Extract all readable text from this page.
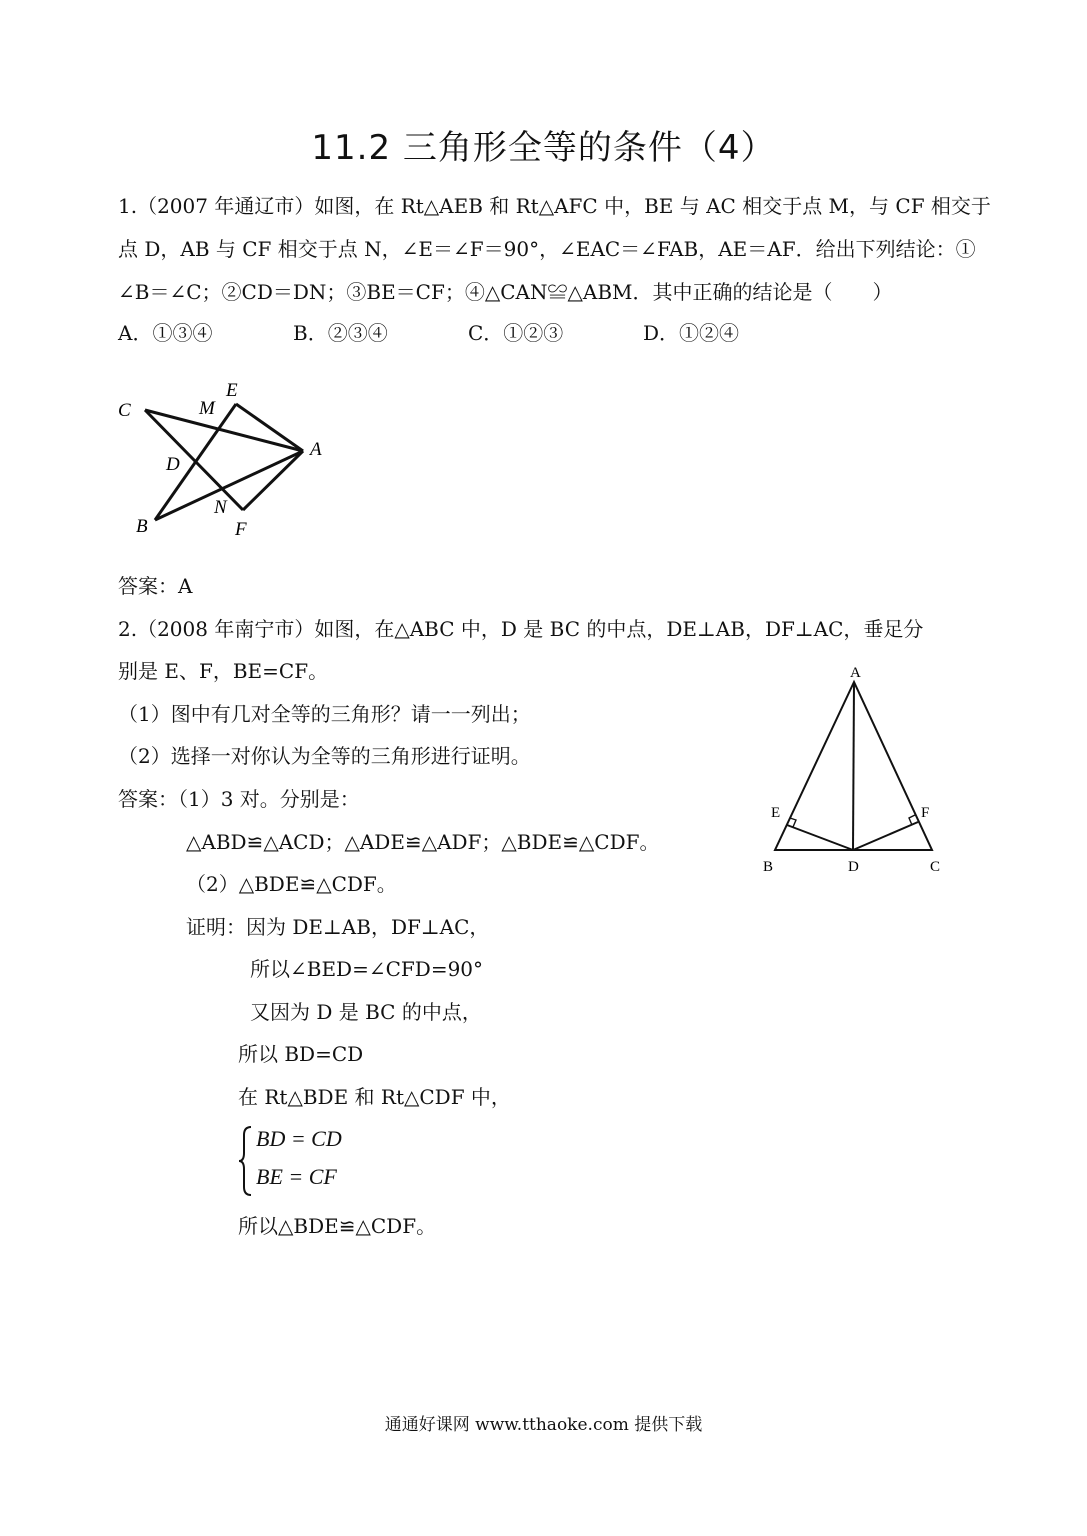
11.2 三角形全等的条件（4）
1.（2007 年通辽市）如图，在 Rt△AEB 和 Rt△AFC 中，BE 与 AC 相交于点 M，与 CF 相交于
点 D，AB 与 CF 相交于点 N，∠E＝∠F＝90°，∠EAC＝∠FAB，AE＝AF．给出下列结论：①
∠B＝∠C；②CD＝DN；③BE＝CF；④△CAN≌△ABM．其中正确的结论是（　　）
A．①③④	B．②③④	C．①②③	D．①②④
C	M
E
A
D
B
N
F
答案：A
2.（2008 年南宁市）如图，在△ABC 中，D 是 BC 的中点，DE⊥AB，DF⊥AC，垂足分
别是 E、F，BE=CF。
（1）图中有几对全等的三角形？请一一列出；
（2）选择一对你认为全等的三角形进行证明。
答案：（1）3 对。分别是：
△ABD≌△ACD；△ADE≌△ADF；△BDE≌△CDF。
（2）△BDE≌△CDF。
证明：因为 DE⊥AB，DF⊥AC，
所以∠BED=∠CFD=90°
又因为 D 是 BC 的中点，
所以 BD=CD
在 Rt△BDE 和 Rt△CDF 中，
BD = CD
BE = CF
所以△BDE≌△CDF。
A
E	F
B	D	C
通通好课网 www.tthaoke.com 提供下载
